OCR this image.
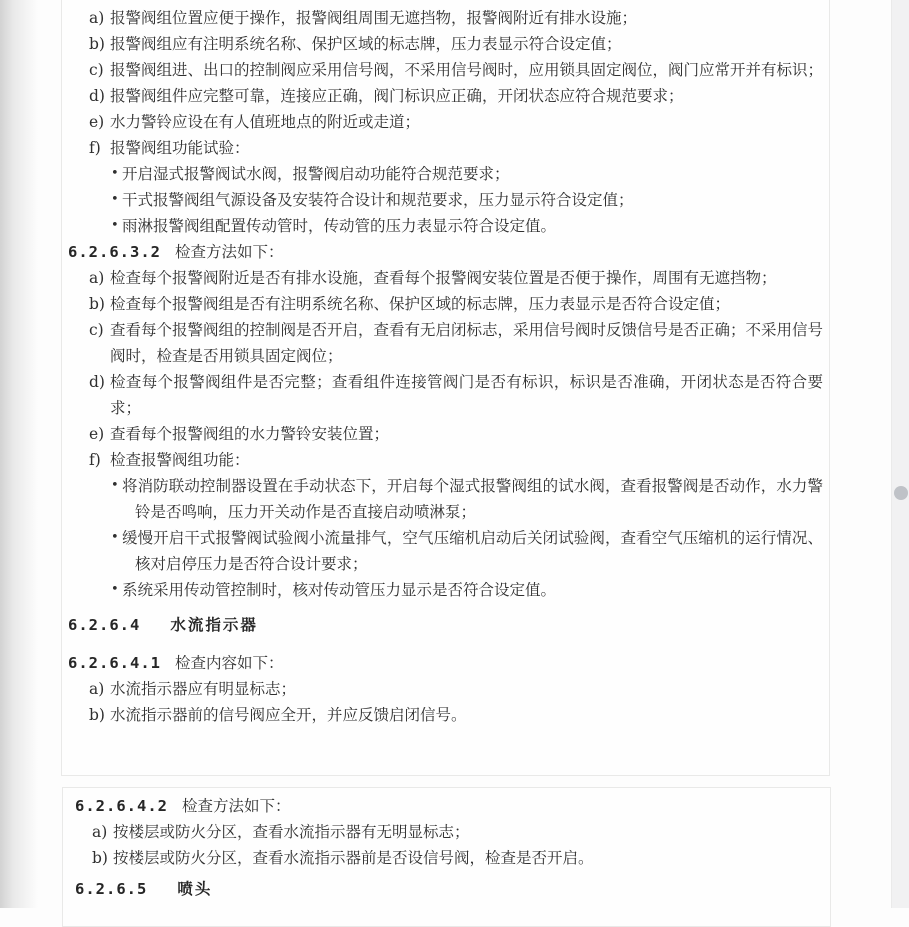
a) 报警阀组位置应便于操作，报警阀组周围无遮挡物，报警阀附近有排水设施；
b) 报警阀组应有注明系统名称、保护区域的标志牌，压力表显示符合设定值；
c) 报警阀组进、出口的控制阀应采用信号阀，不采用信号阀时，应用锁具固定阀位，阀门应常开并有标识；
d) 报警阀组件应完整可靠，连接应正确，阀门标识应正确，开闭状态应符合规范要求；
e) 水力警铃应设在有人值班地点的附近或走道；
f) 报警阀组功能试验：
• 开启湿式报警阀试水阀，报警阀启动功能符合规范要求；
• 干式报警阀组气源设备及安装符合设计和规范要求，压力显示符合设定值；
• 雨淋报警阀组配置传动管时，传动管的压力表显示符合设定值。
6.2.6.3.2 检查方法如下：
a) 检查每个报警阀附近是否有排水设施，查看每个报警阀安装位置是否便于操作，周围有无遮挡物；
b) 检查每个报警阀组是否有注明系统名称、保护区域的标志牌，压力表显示是否符合设定值；
c) 查看每个报警阀组的控制阀是否开启，查看有无启闭标志，采用信号阀时反馈信号是否正确；不采用信号阀时，检查是否用锁具固定阀位；
d) 检查每个报警阀组件是否完整；查看组件连接管阀门是否有标识，标识是否准确，开闭状态是否符合要求；
e) 查看每个报警阀组的水力警铃安装位置；
f) 检查报警阀组功能：
• 将消防联动控制器设置在手动状态下，开启每个湿式报警阀组的试水阀，查看报警阀是否动作，水力警铃是否鸣响，压力开关动作是否直接启动喷淋泵；
• 缓慢开启干式报警阀试验阀小流量排气，空气压缩机启动后关闭试验阀，查看空气压缩机的运行情况、核对启停压力是否符合设计要求；
• 系统采用传动管控制时，核对传动管压力显示是否符合设定值。
6.2.6.4 水流指示器
6.2.6.4.1 检查内容如下：
a) 水流指示器应有明显标志；
b) 水流指示器前的信号阀应全开，并应反馈启闭信号。
6.2.6.4.2 检查方法如下：
a) 按楼层或防火分区，查看水流指示器有无明显标志；
b) 按楼层或防火分区，查看水流指示器前是否设信号阀，检查是否开启。
6.2.6.5 喷头
